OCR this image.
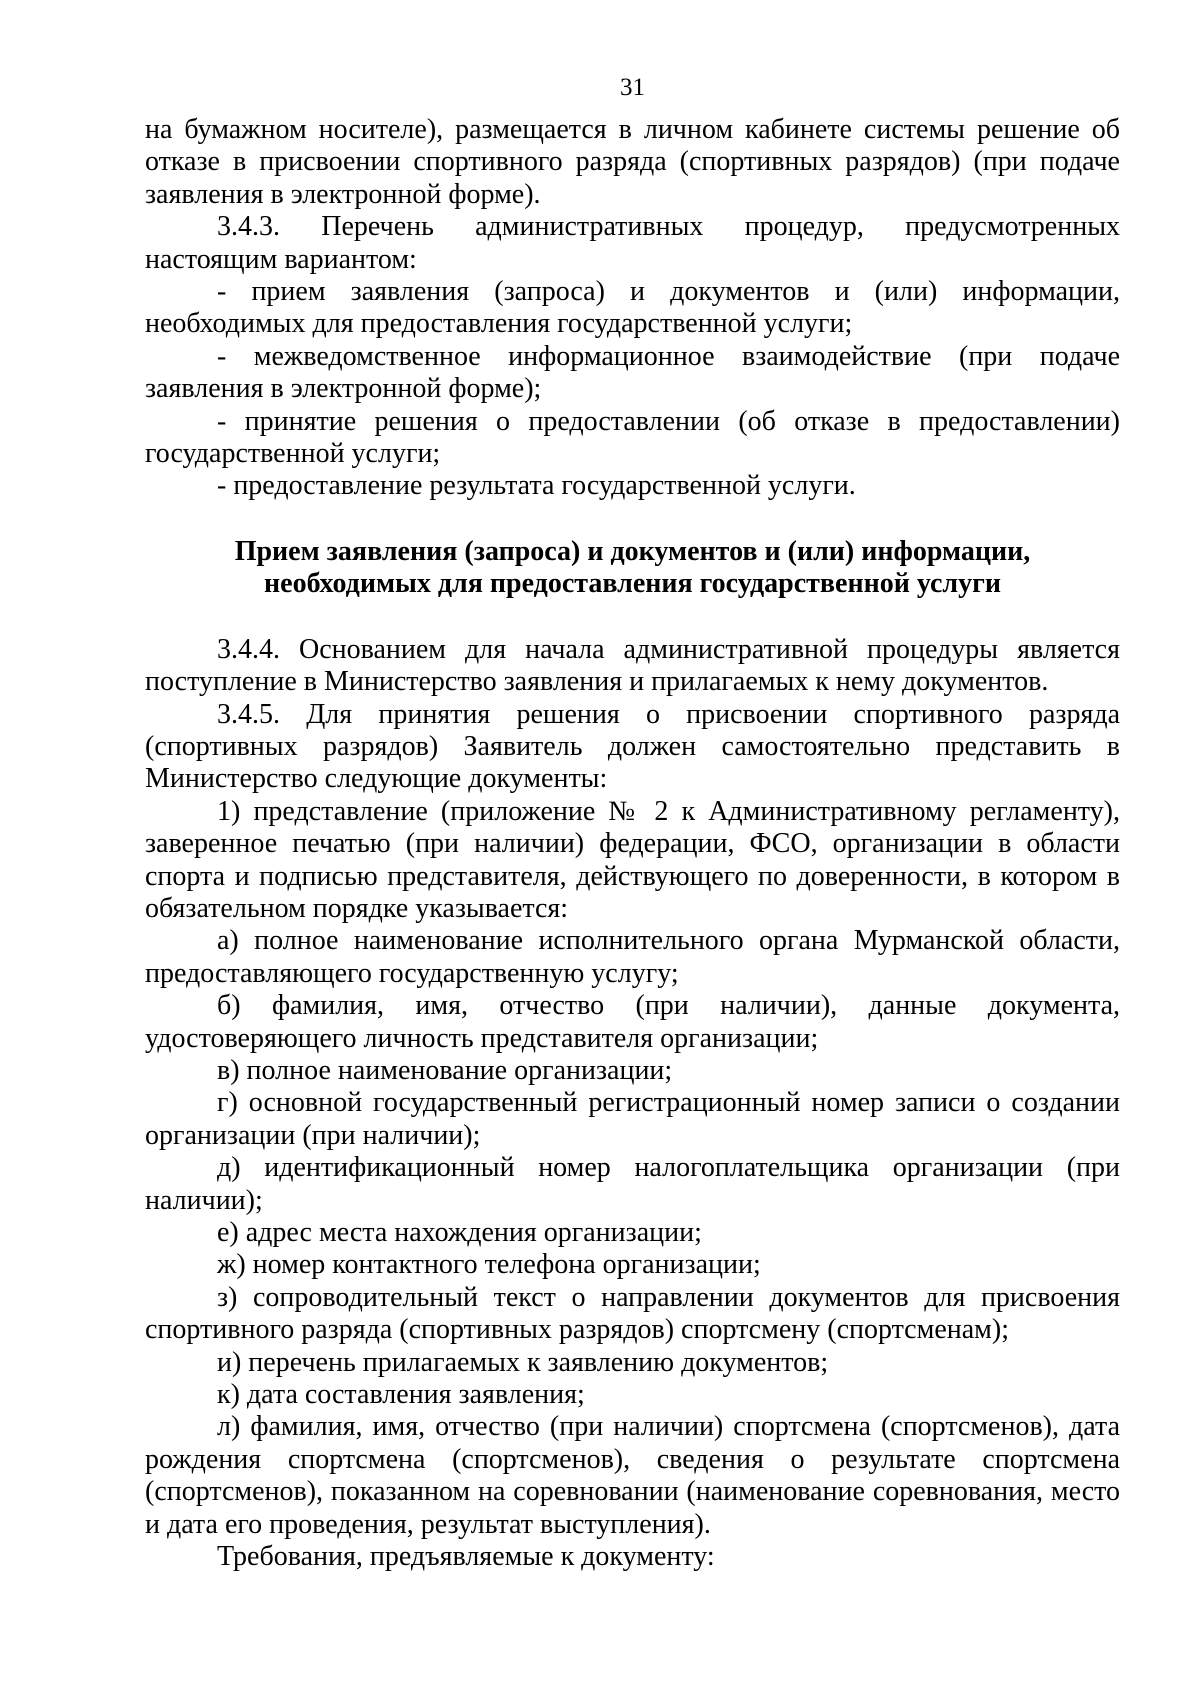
31

на бумажном носителе), размещается в личном кабинете системы решение об отказе в присвоении спортивного разряда (спортивных разрядов) (при подаче заявления в электронной форме).

3.4.3. Перечень административных процедур, предусмотренных настоящим вариантом:

- прием заявления (запроса) и документов и (или) информации, необходимых для предоставления государственной услуги;

- межведомственное информационное взаимодействие (при подаче заявления в электронной форме);

- принятие решения о предоставлении (об отказе в предоставлении) государственной услуги;

- предоставление результата государственной услуги.

Прием заявления (запроса) и документов и (или) информации,
необходимых для предоставления государственной услуги

3.4.4. Основанием для начала административной процедуры является поступление в Министерство заявления и прилагаемых к нему документов.

3.4.5. Для принятия решения о присвоении спортивного разряда (спортивных разрядов) Заявитель должен самостоятельно представить в Министерство следующие документы:

1) представление (приложение № 2 к Административному регламенту), заверенное печатью (при наличии) федерации, ФСО, организации в области спорта и подписью представителя, действующего по доверенности, в котором в обязательном порядке указывается:

а) полное наименование исполнительного органа Мурманской области, предоставляющего государственную услугу;

б) фамилия, имя, отчество (при наличии), данные документа, удостоверяющего личность представителя организации;

в) полное наименование организации;

г) основной государственный регистрационный номер записи о создании организации (при наличии);

д) идентификационный номер налогоплательщика организации (при наличии);

е) адрес места нахождения организации;

ж) номер контактного телефона организации;

з) сопроводительный текст о направлении документов для присвоения спортивного разряда (спортивных разрядов) спортсмену (спортсменам);

и) перечень прилагаемых к заявлению документов;

к) дата составления заявления;

л) фамилия, имя, отчество (при наличии) спортсмена (спортсменов), дата рождения спортсмена (спортсменов), сведения о результате спортсмена (спортсменов), показанном на соревновании (наименование соревнования, место и дата его проведения, результат выступления).

Требования, предъявляемые к документу:
